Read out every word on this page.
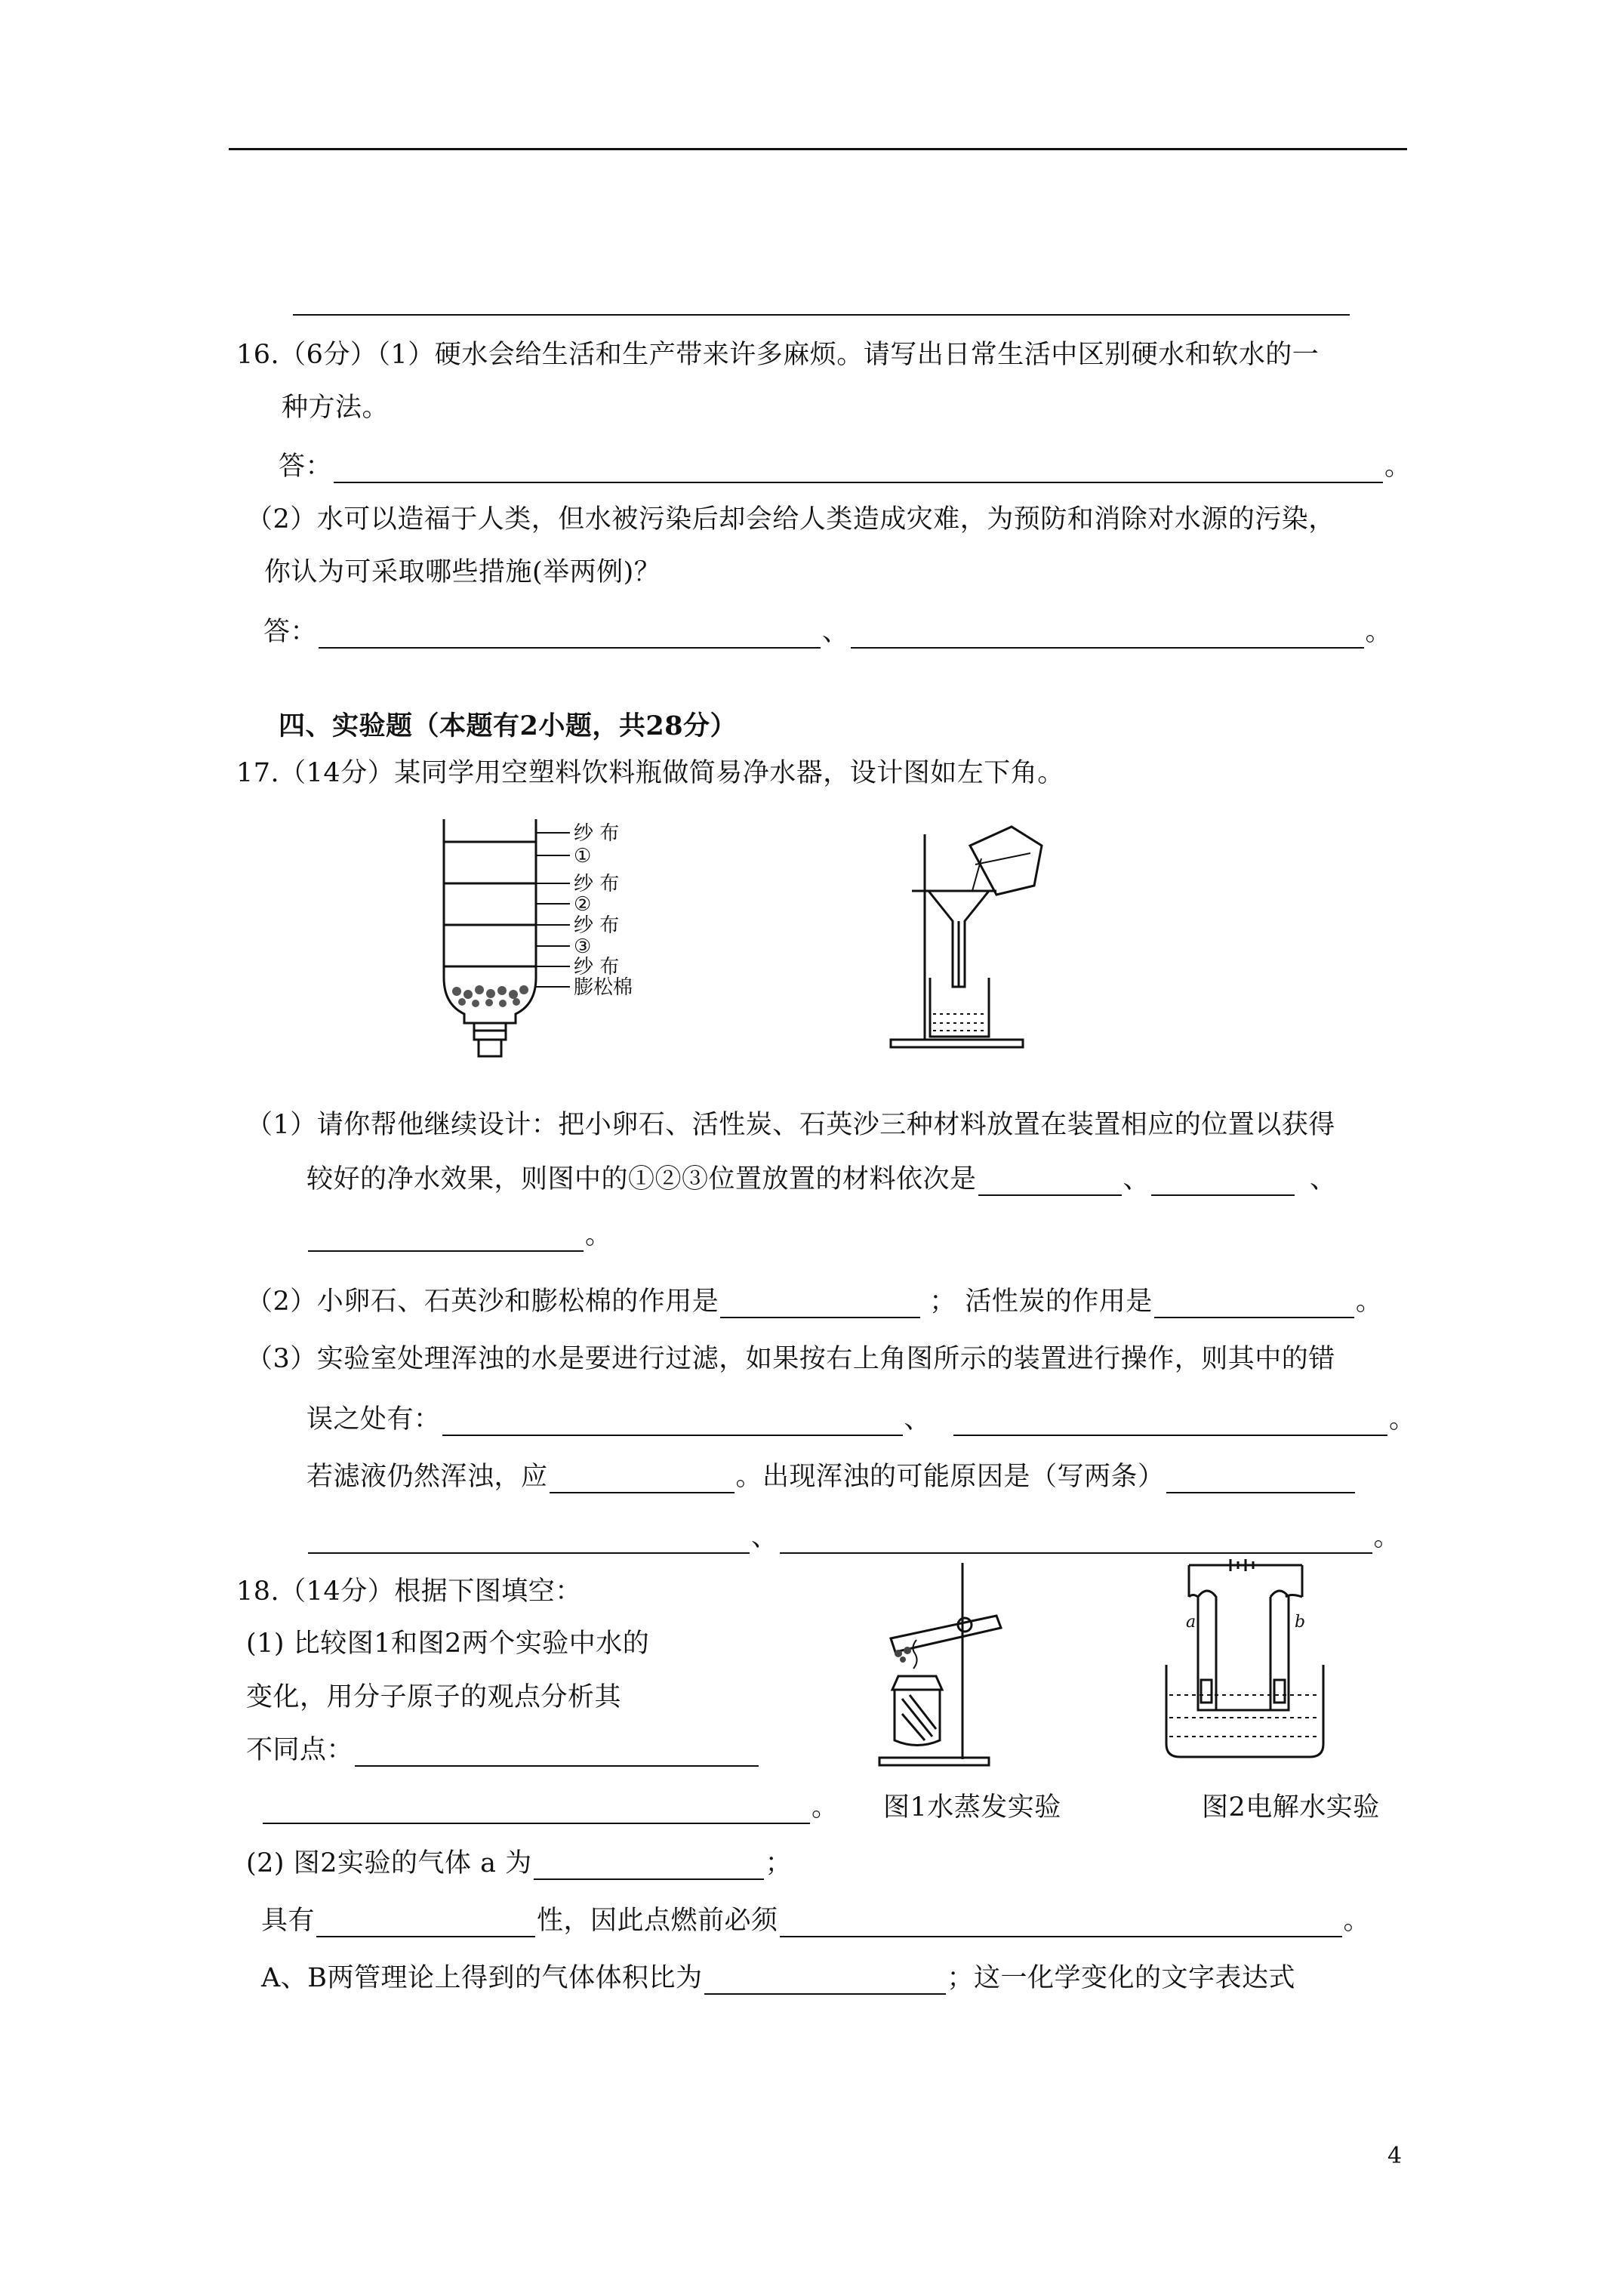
16.（6分）（1）硬水会给生活和生产带来许多麻烦。请写出日常生活中区别硬水和软水的一
种方法。
答：	。
（2）水可以造福于人类，但水被污染后却会给人类造成灾难，为预防和消除对水源的污染，
你认为可采取哪些措施(举两例)？
答：	、	。
四、实验题（本题有2小题，共28分）
17.（14分）某同学用空塑料饮料瓶做简易净水器，设计图如左下角。
纱 布
①
纱 布
②
纱 布
③
纱 布
膨松棉
（1）请你帮他继续设计：把小卵石、活性炭、石英沙三种材料放置在装置相应的位置以获得
较好的净水效果，则图中的①②③位置放置的材料依次是	、	、
。
（2）小卵石、石英沙和膨松棉的作用是	； 活性炭的作用是	。
（3）实验室处理浑浊的水是要进行过滤，如果按右上角图所示的装置进行操作，则其中的错
误之处有：	、	。
若滤液仍然浑浊，应	。出现浑浊的可能原因是（写两条）
、	。
18.（14分）根据下图填空：
(1) 比较图1和图2两个实验中水的
变化，用分子原子的观点分析其
不同点：
。
a	b
图1水蒸发实验	图2电解水实验
(2) 图2实验的气体 a 为	；
具有	性，因此点燃前必须	。
A、B两管理论上得到的气体体积比为	；这一化学变化的文字表达式
4
